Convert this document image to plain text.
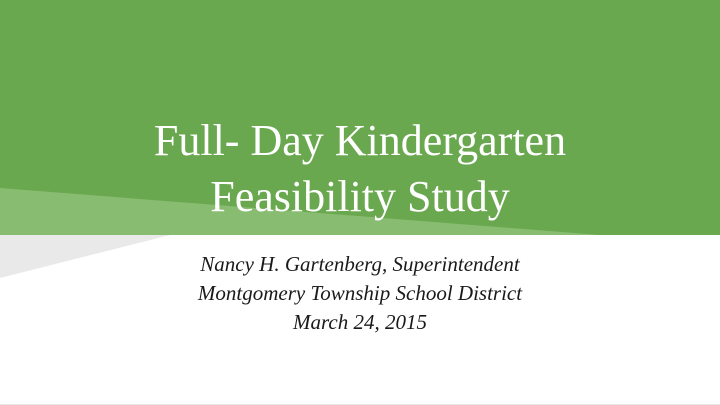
Full- Day Kindergarten
Feasibility Study
Nancy H. Gartenberg, Superintendent
Montgomery Township School District
March 24, 2015
